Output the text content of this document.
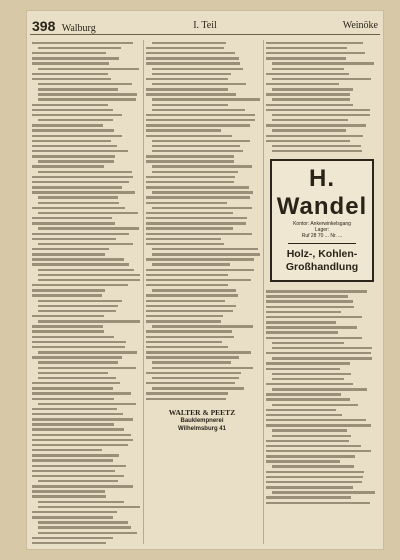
398 Walburg	I. Teil	Weinöke
H. Wandel
Kontor: Ankerwinkelsgang
Lager:
Ruf 28 70 ... Nr. ...
Holz-, Kohlen-
Großhandlung
WALTER & PEETZ
Bauklempnerei
Wilhelmsburg 41
